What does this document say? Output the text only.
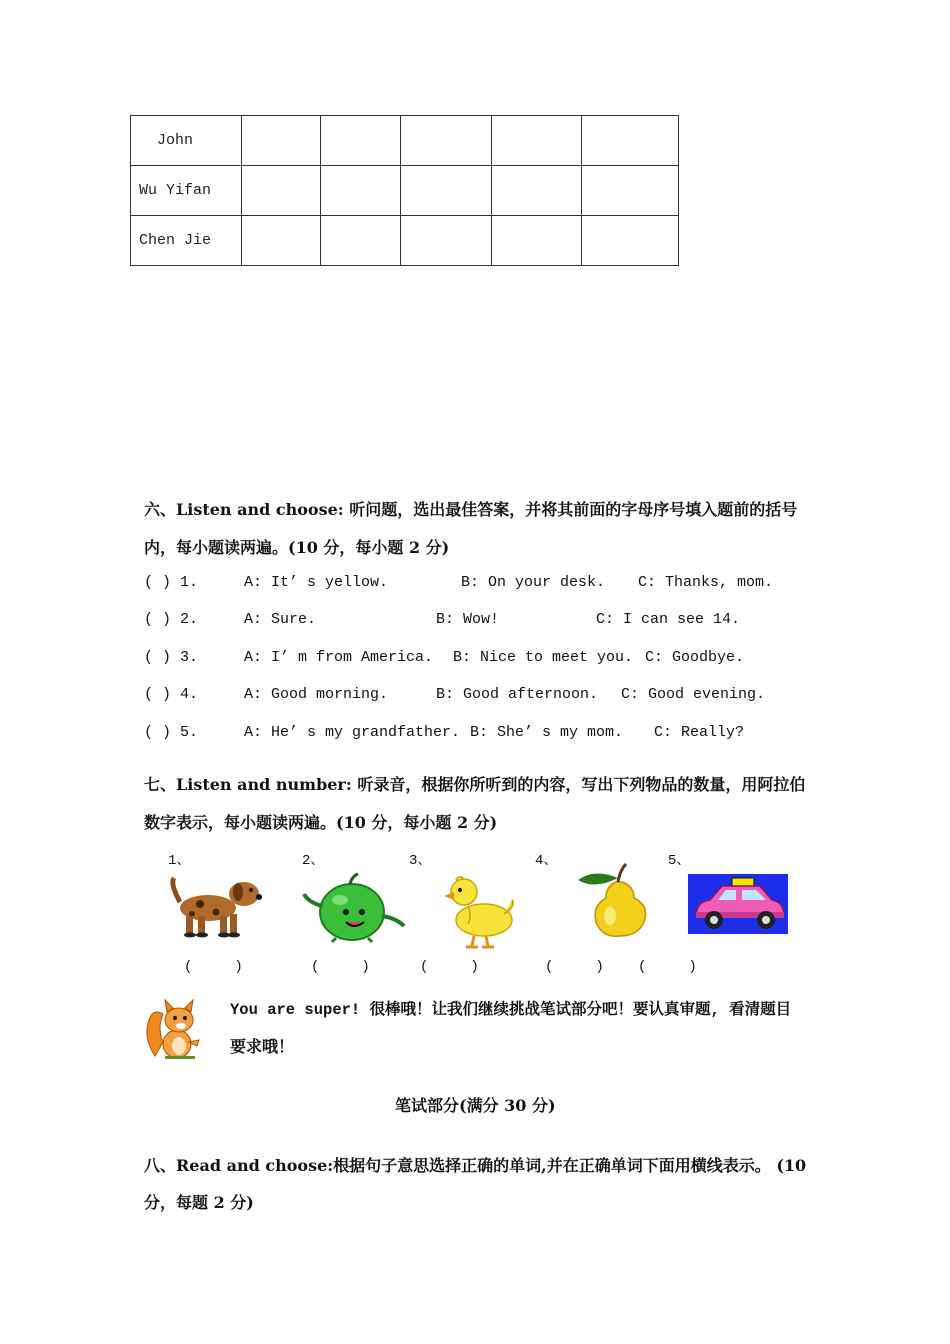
John					
Wu Yifan					
Chen Jie					
六、Listen and choose: 听问题，选出最佳答案，并将其前面的字母序号填入题前的括号
内，每小题读两遍。(10 分，每小题 2 分)
( ) 1.	A: It’ s yellow.	B: On your desk. C: Thanks, mom.
( ) 2.	A: Sure.	B: Wow!	C: I can see 14.
( ) 3.	A: I’ m from America. B: Nice to meet you. C: Goodbye.
( ) 4.	A: Good morning.	B: Good afternoon. C: Good evening.
( ) 5.	A: He’ s my grandfather. B: She’ s my mom. C: Really?
七、Listen and number: 听录音，根据你所听到的内容，写出下列物品的数量，用阿拉伯
数字表示，每小题读两遍。(10 分，每小题 2 分)
1、	2、	3、	4、	5、
(     )	(     )	(     )	(     ) (     )
You are super! 很棒哦！让我们继续挑战笔试部分吧！要认真审题, 看清题目
要求哦！
笔试部分(满分 30 分)
八、Read and choose:根据句子意思选择正确的单词,并在正确单词下面用横线表示。 (10
分，每题 2 分)
